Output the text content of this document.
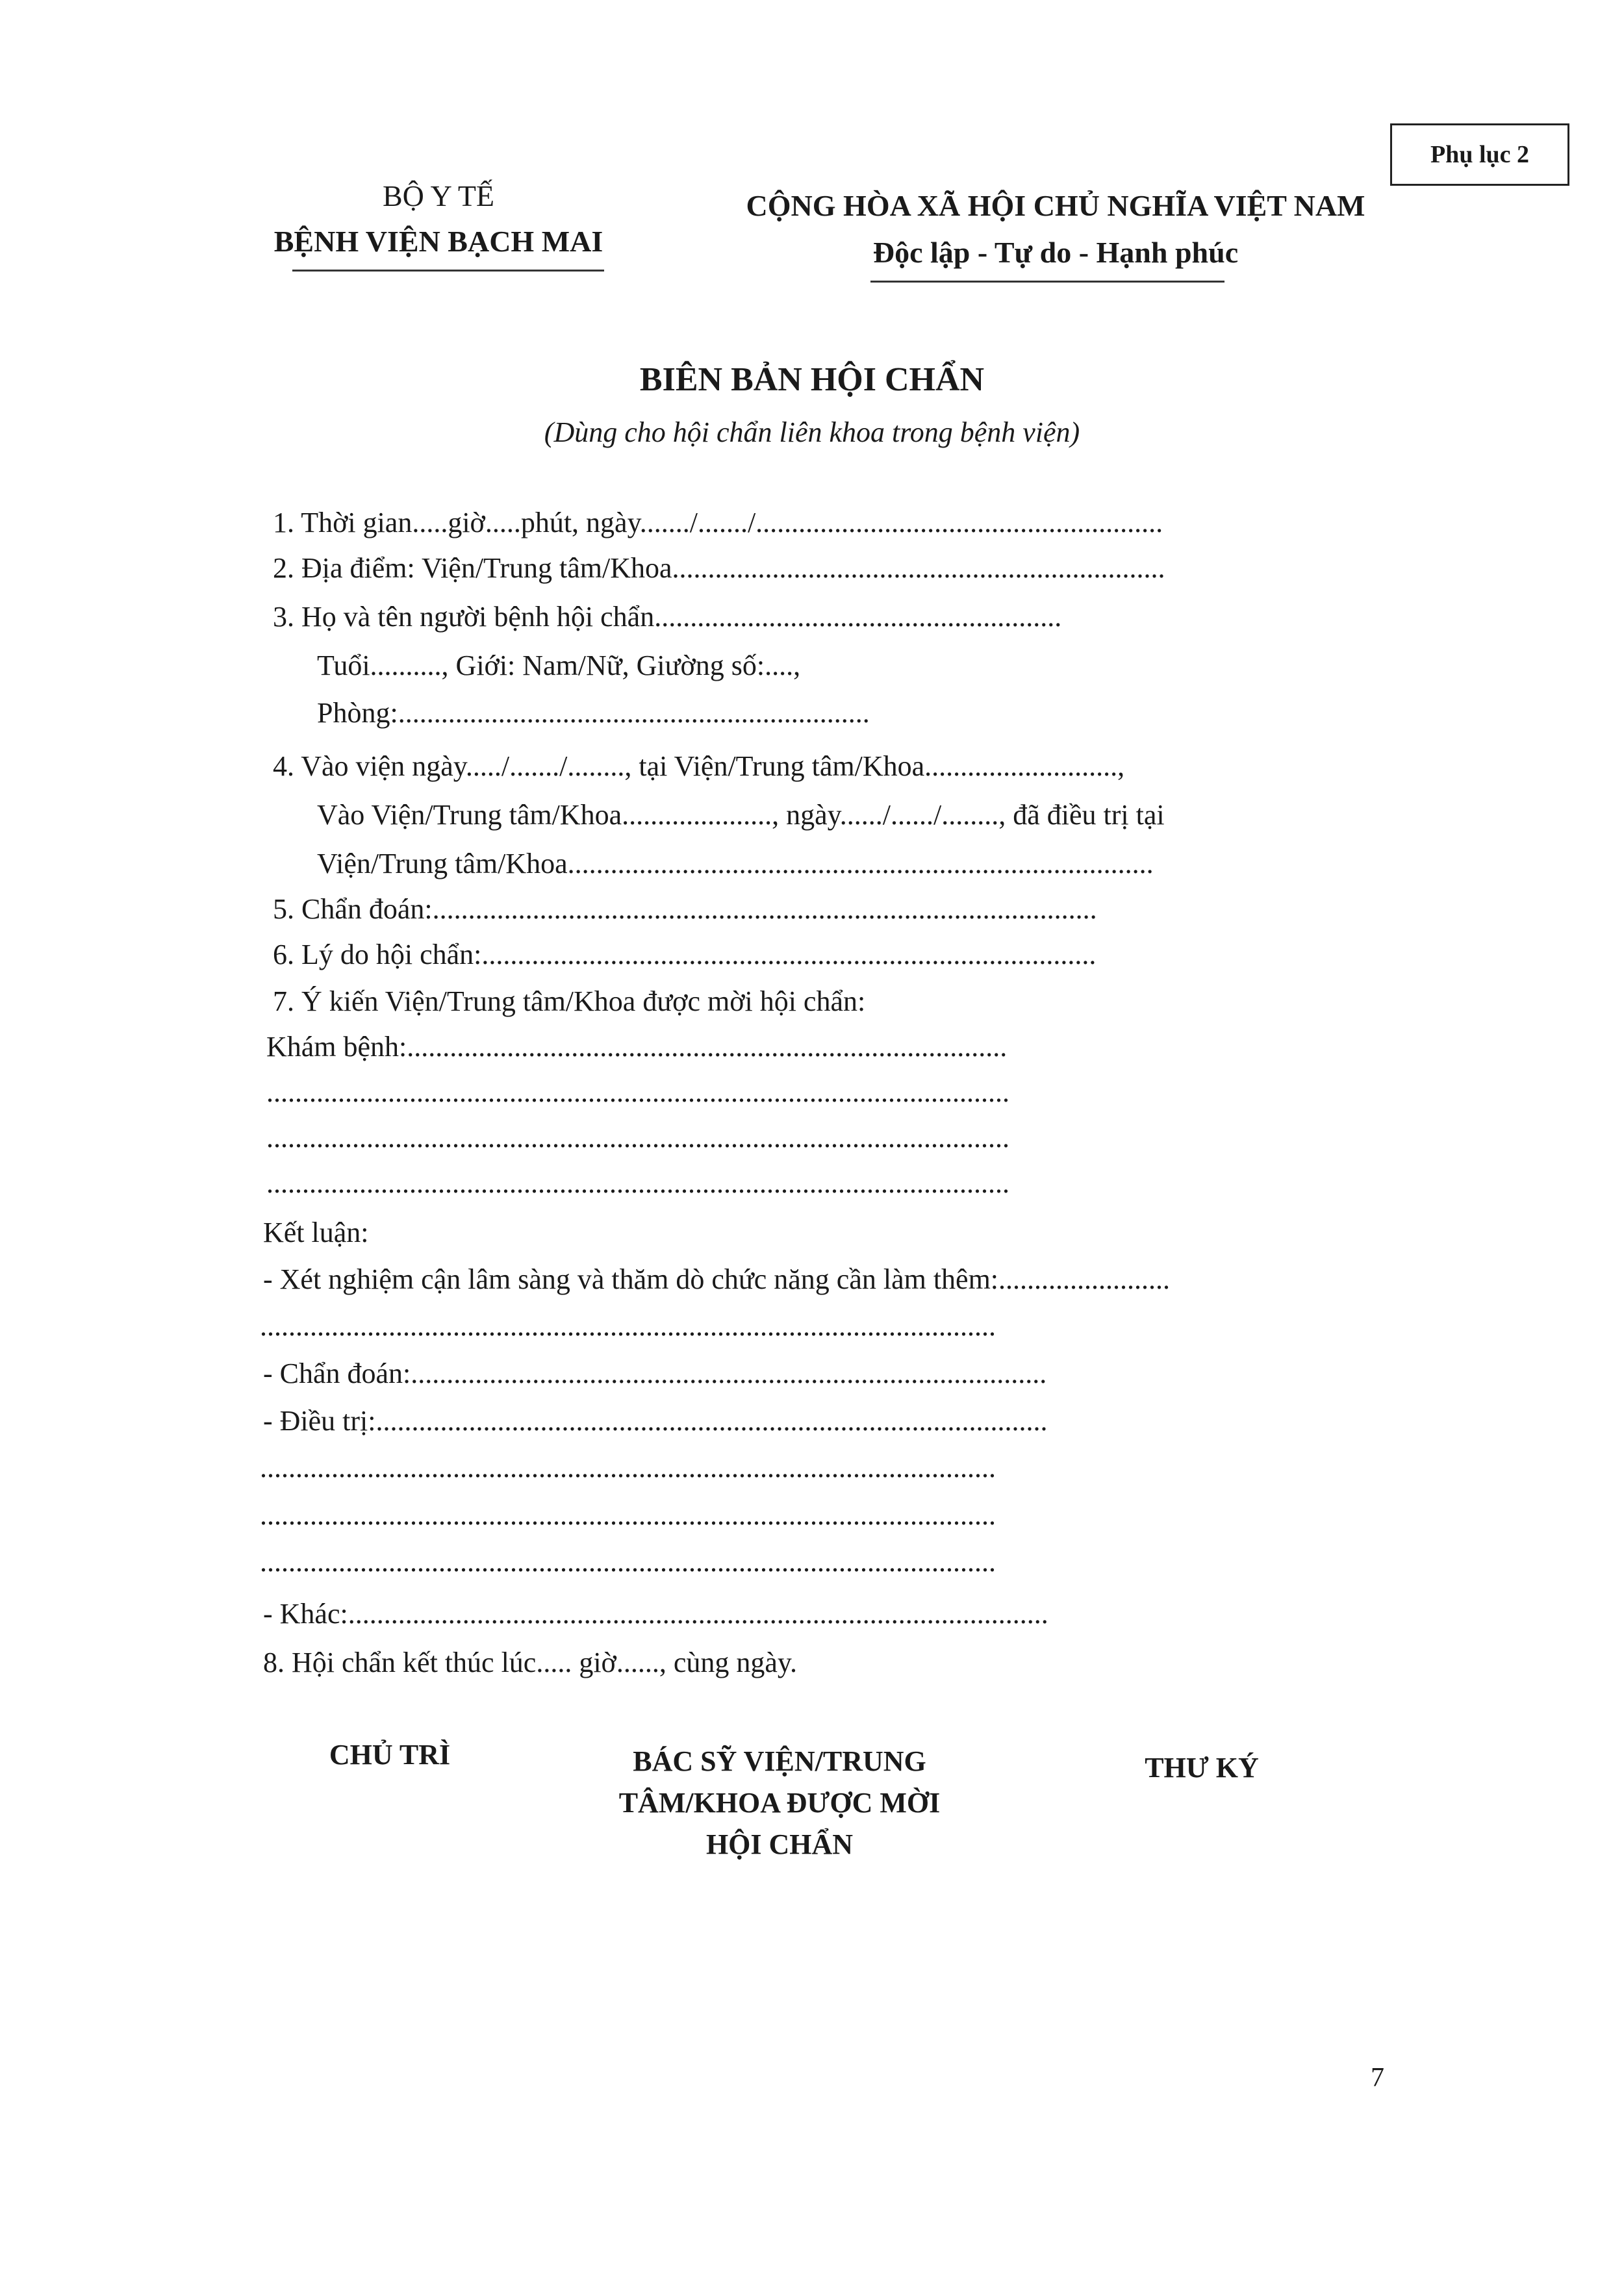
Phụ lục 2
BỘ Y TẾ
BỆNH VIỆN BẠCH MAI
CỘNG HÒA XÃ HỘI CHỦ NGHĨA VIỆT NAM
Độc lập - Tự do - Hạnh phúc
BIÊN BẢN HỘI CHẨN
(Dùng cho hội chẩn liên khoa trong bệnh viện)
1. Thời gian.....giờ.....phút, ngày......./......./.........................................................
2. Địa điểm: Viện/Trung tâm/Khoa.....................................................................
3. Họ và tên người bệnh hội chẩn.........................................................
Tuổi.........., Giới: Nam/Nữ, Giường số:....,
Phòng:..................................................................
4. Vào viện ngày...../......./........, tại Viện/Trung tâm/Khoa...........................,
Vào Viện/Trung tâm/Khoa....................., ngày....../....../........, đã điều trị tại
Viện/Trung tâm/Khoa..................................................................................
5. Chẩn đoán:.............................................................................................
6. Lý do hội chẩn:......................................................................................
7. Ý kiến Viện/Trung tâm/Khoa được mời hội chẩn:
Khám bệnh:....................................................................................
........................................................................................................
........................................................................................................
........................................................................................................
Kết luận:
- Xét nghiệm cận lâm sàng và thăm dò chức năng cần làm thêm:........................
.......................................................................................................
- Chẩn đoán:.........................................................................................
- Điều trị:..............................................................................................
.......................................................................................................
.......................................................................................................
.......................................................................................................
- Khác:..................................................................................................
8. Hội chẩn kết thúc lúc..... giờ......, cùng ngày.
CHỦ TRÌ	BÁC SỸ VIỆN/TRUNG
TÂM/KHOA ĐƯỢC MỜI
HỘI CHẨN
THƯ KÝ
7
